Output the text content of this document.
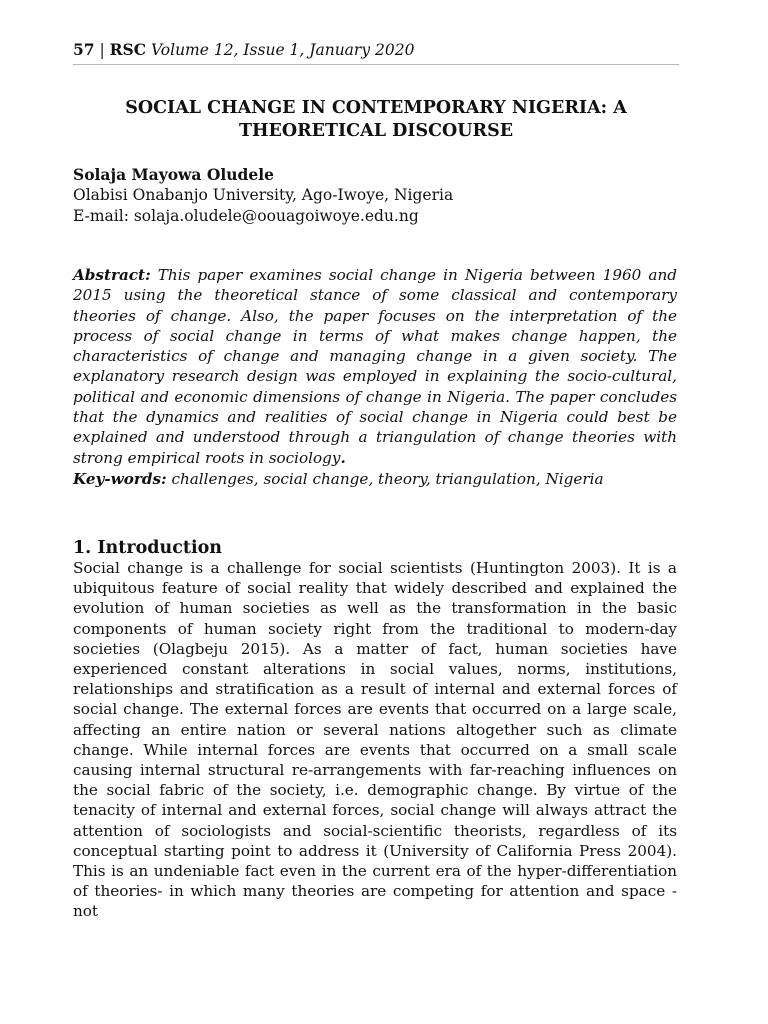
57 | RSC Volume 12, Issue 1, January 2020
SOCIAL CHANGE IN CONTEMPORARY NIGERIA: A THEORETICAL DISCOURSE
Solaja Mayowa Oludele
Olabisi Onabanjo University, Ago-Iwoye, Nigeria
E-mail: solaja.oludele@oouagoiwoye.edu.ng
Abstract: This paper examines social change in Nigeria between 1960 and 2015 using the theoretical stance of some classical and contemporary theories of change. Also, the paper focuses on the interpretation of the process of social change in terms of what makes change happen, the characteristics of change and managing change in a given society. The explanatory research design was employed in explaining the socio-cultural, political and economic dimensions of change in Nigeria. The paper concludes that the dynamics and realities of social change in Nigeria could best be explained and understood through a triangulation of change theories with strong empirical roots in sociology.
Key-words: challenges, social change, theory, triangulation, Nigeria
1. Introduction
Social change is a challenge for social scientists (Huntington 2003). It is a ubiquitous feature of social reality that widely described and explained the evolution of human societies as well as the transformation in the basic components of human society right from the traditional to modern-day societies (Olagbeju 2015). As a matter of fact, human societies have experienced constant alterations in social values, norms, institutions, relationships and stratification as a result of internal and external forces of social change. The external forces are events that occurred on a large scale, affecting an entire nation or several nations altogether such as climate change. While internal forces are events that occurred on a small scale causing internal structural re-arrangements with far-reaching influences on the social fabric of the society, i.e. demographic change. By virtue of the tenacity of internal and external forces, social change will always attract the attention of sociologists and social-scientific theorists, regardless of its conceptual starting point to address it (University of California Press 2004). This is an undeniable fact even in the current era of the hyper-differentiation of theories- in which many theories are competing for attention and space -not
